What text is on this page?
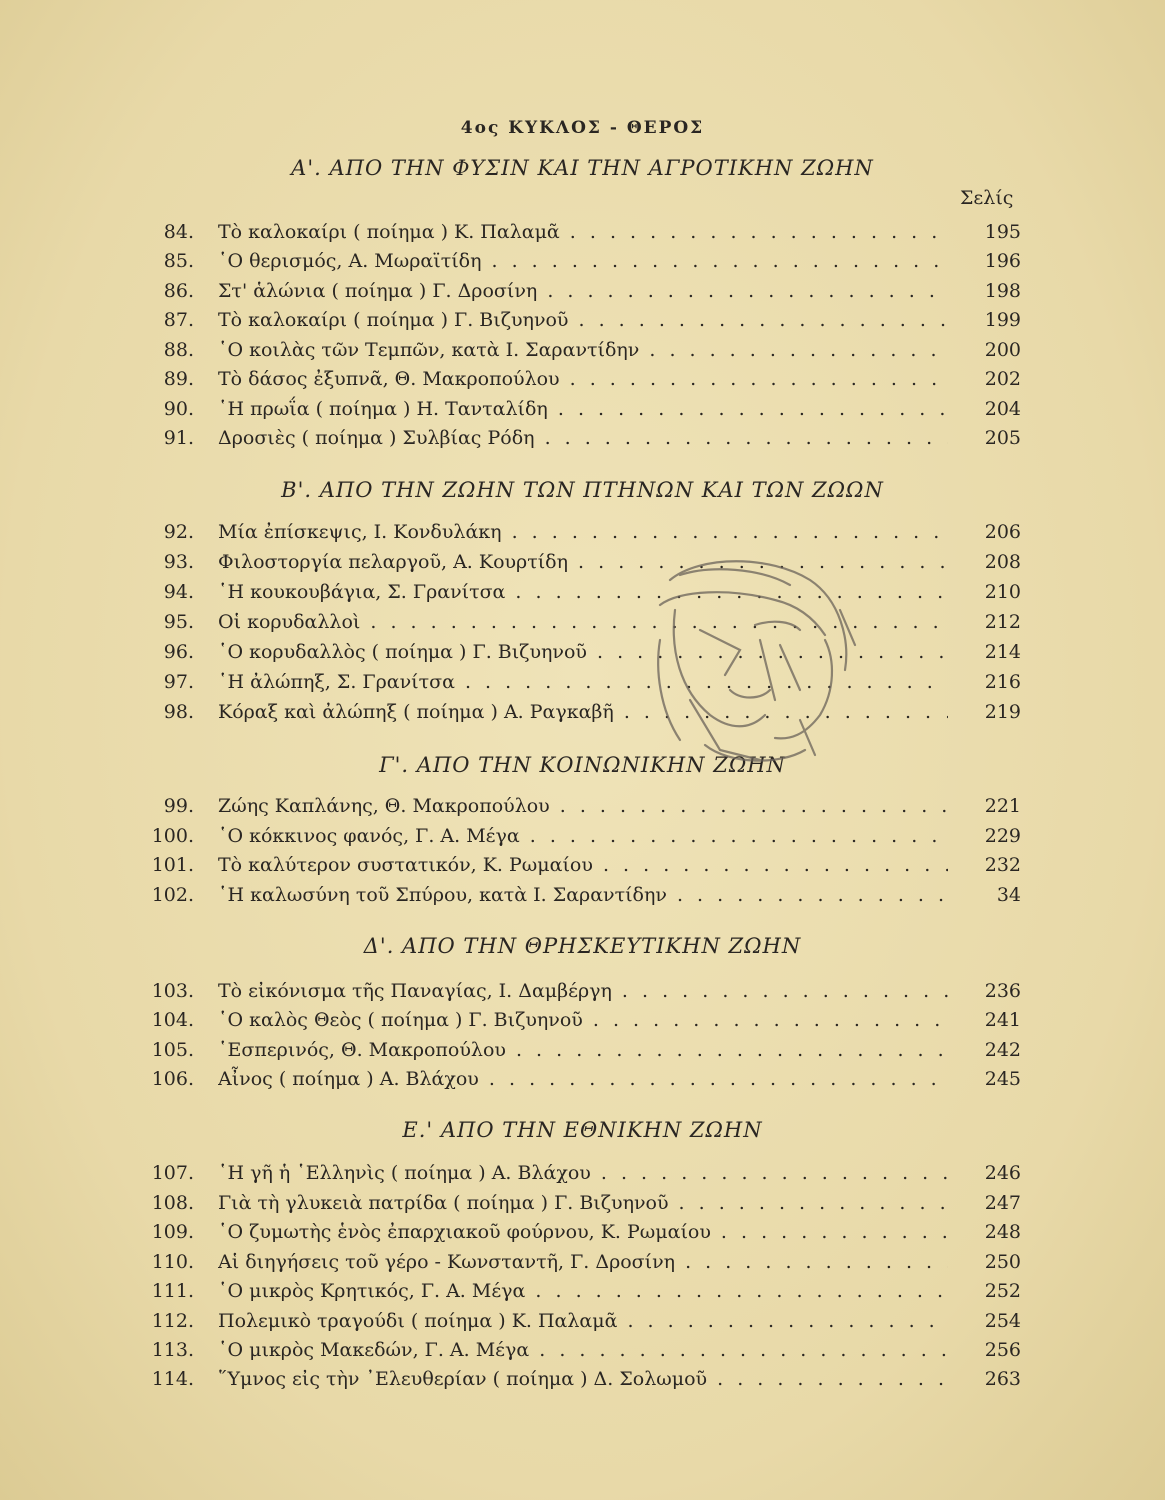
4ος ΚΥΚΛΟΣ - ΘΕΡΟΣ
Α'. ΑΠΟ ΤΗΝ ΦΥΣΙΝ ΚΑΙ ΤΗΝ ΑΓΡΟΤΙΚΗΝ ΖΩΗΝ
Σελίς
84. Τὸ καλοκαίρι ( ποίημα ) Κ. Παλαμᾶ . . .	195
85. ῾Ο θερισμός, Α. Μωραϊτίδη . . .	196
86. Στ' ἁλώνια ( ποίημα ) Γ. Δροσίνη . . .	198
87. Τὸ καλοκαίρι ( ποίημα ) Γ. Βιζυηνοῦ . . .	199
88. ῾Ο κοιλὰς τῶν Τεμπῶν, κατὰ Ι. Σαραντίδην . . .	200
89. Τὸ δάσος ἐξυπνᾶ, Θ. Μακροπούλου . . .	202
90. ῾Η πρωΐα ( ποίημα ) Η. Τανταλίδη . . .	204
91. Δροσιὲς ( ποίημα ) Συλβίας Ρόδη . . .	205
Β'. ΑΠΟ ΤΗΝ ΖΩΗΝ ΤΩΝ ΠΤΗΝΩΝ ΚΑΙ ΤΩΝ ΖΩΩΝ
92. Μία ἐπίσκεψις, Ι. Κονδυλάκη . . .	206
93. Φιλοστοργία πελαργοῦ, Α. Κουρτίδη . . .	208
94. ῾Η κουκουβάγια, Σ. Γρανίτσα . . .	210
95. Οἱ κορυδαλλοὶ . . .	212
96. ῾Ο κορυδαλλὸς ( ποίημα ) Γ. Βιζυηνοῦ . . .	214
97. ῾Η ἀλώπηξ, Σ. Γρανίτσα . . .	216
98. Κόραξ καὶ ἀλώπηξ ( ποίημα ) Α. Ραγκαβῆ . . .	219
Γ'. ΑΠΟ ΤΗΝ ΚΟΙΝΩΝΙΚΗΝ ΖΩΗΝ
99. Ζώης Καπλάνης, Θ. Μακροπούλου . . .	221
100. ῾Ο κόκκινος φανός, Γ. Α. Μέγα . . .	229
101. Τὸ καλύτερον συστατικόν, Κ. Ρωμαίου . . .	232
102. ῾Η καλωσύνη τοῦ Σπύρου, κατὰ Ι. Σαραντίδην . . .	34
Δ'. ΑΠΟ ΤΗΝ ΘΡΗΣΚΕΥΤΙΚΗΝ ΖΩΗΝ
103. Τὸ εἰκόνισμα τῆς Παναγίας, Ι. Δαμβέργη . . .	236
104. ῾Ο καλὸς Θεὸς ( ποίημα ) Γ. Βιζυηνοῦ . . .	241
105. ῾Εσπερινός, Θ. Μακροπούλου . . .	242
106. Αἶνος ( ποίημα ) Α. Βλάχου . . .	245
Ε.' ΑΠΟ ΤΗΝ ΕΘΝΙΚΗΝ ΖΩΗΝ
107. ῾Η γῆ ἡ ῾Ελληνὶς ( ποίημα ) Α. Βλάχου . . .	246
108. Γιὰ τὴ γλυκειὰ πατρίδα ( ποίημα ) Γ. Βιζυηνοῦ . . .	247
109. ῾Ο ζυμωτὴς ἑνὸς ἐπαρχιακοῦ φούρνου, Κ. Ρωμαίου . . .	248
110. Αἱ διηγήσεις τοῦ γέρο - Κωνσταντῆ, Γ. Δροσίνη . . .	250
111. ῾Ο μικρὸς Κρητικός, Γ. Α. Μέγα . . .	252
112. Πολεμικὸ τραγούδι ( ποίημα ) Κ. Παλαμᾶ . . .	254
113. ῾Ο μικρὸς Μακεδών, Γ. Α. Μέγα . . .	256
114. ῞Υμνος εἰς τὴν ᾿Ελευθερίαν ( ποίημα ) Δ. Σολωμοῦ . . .	263
